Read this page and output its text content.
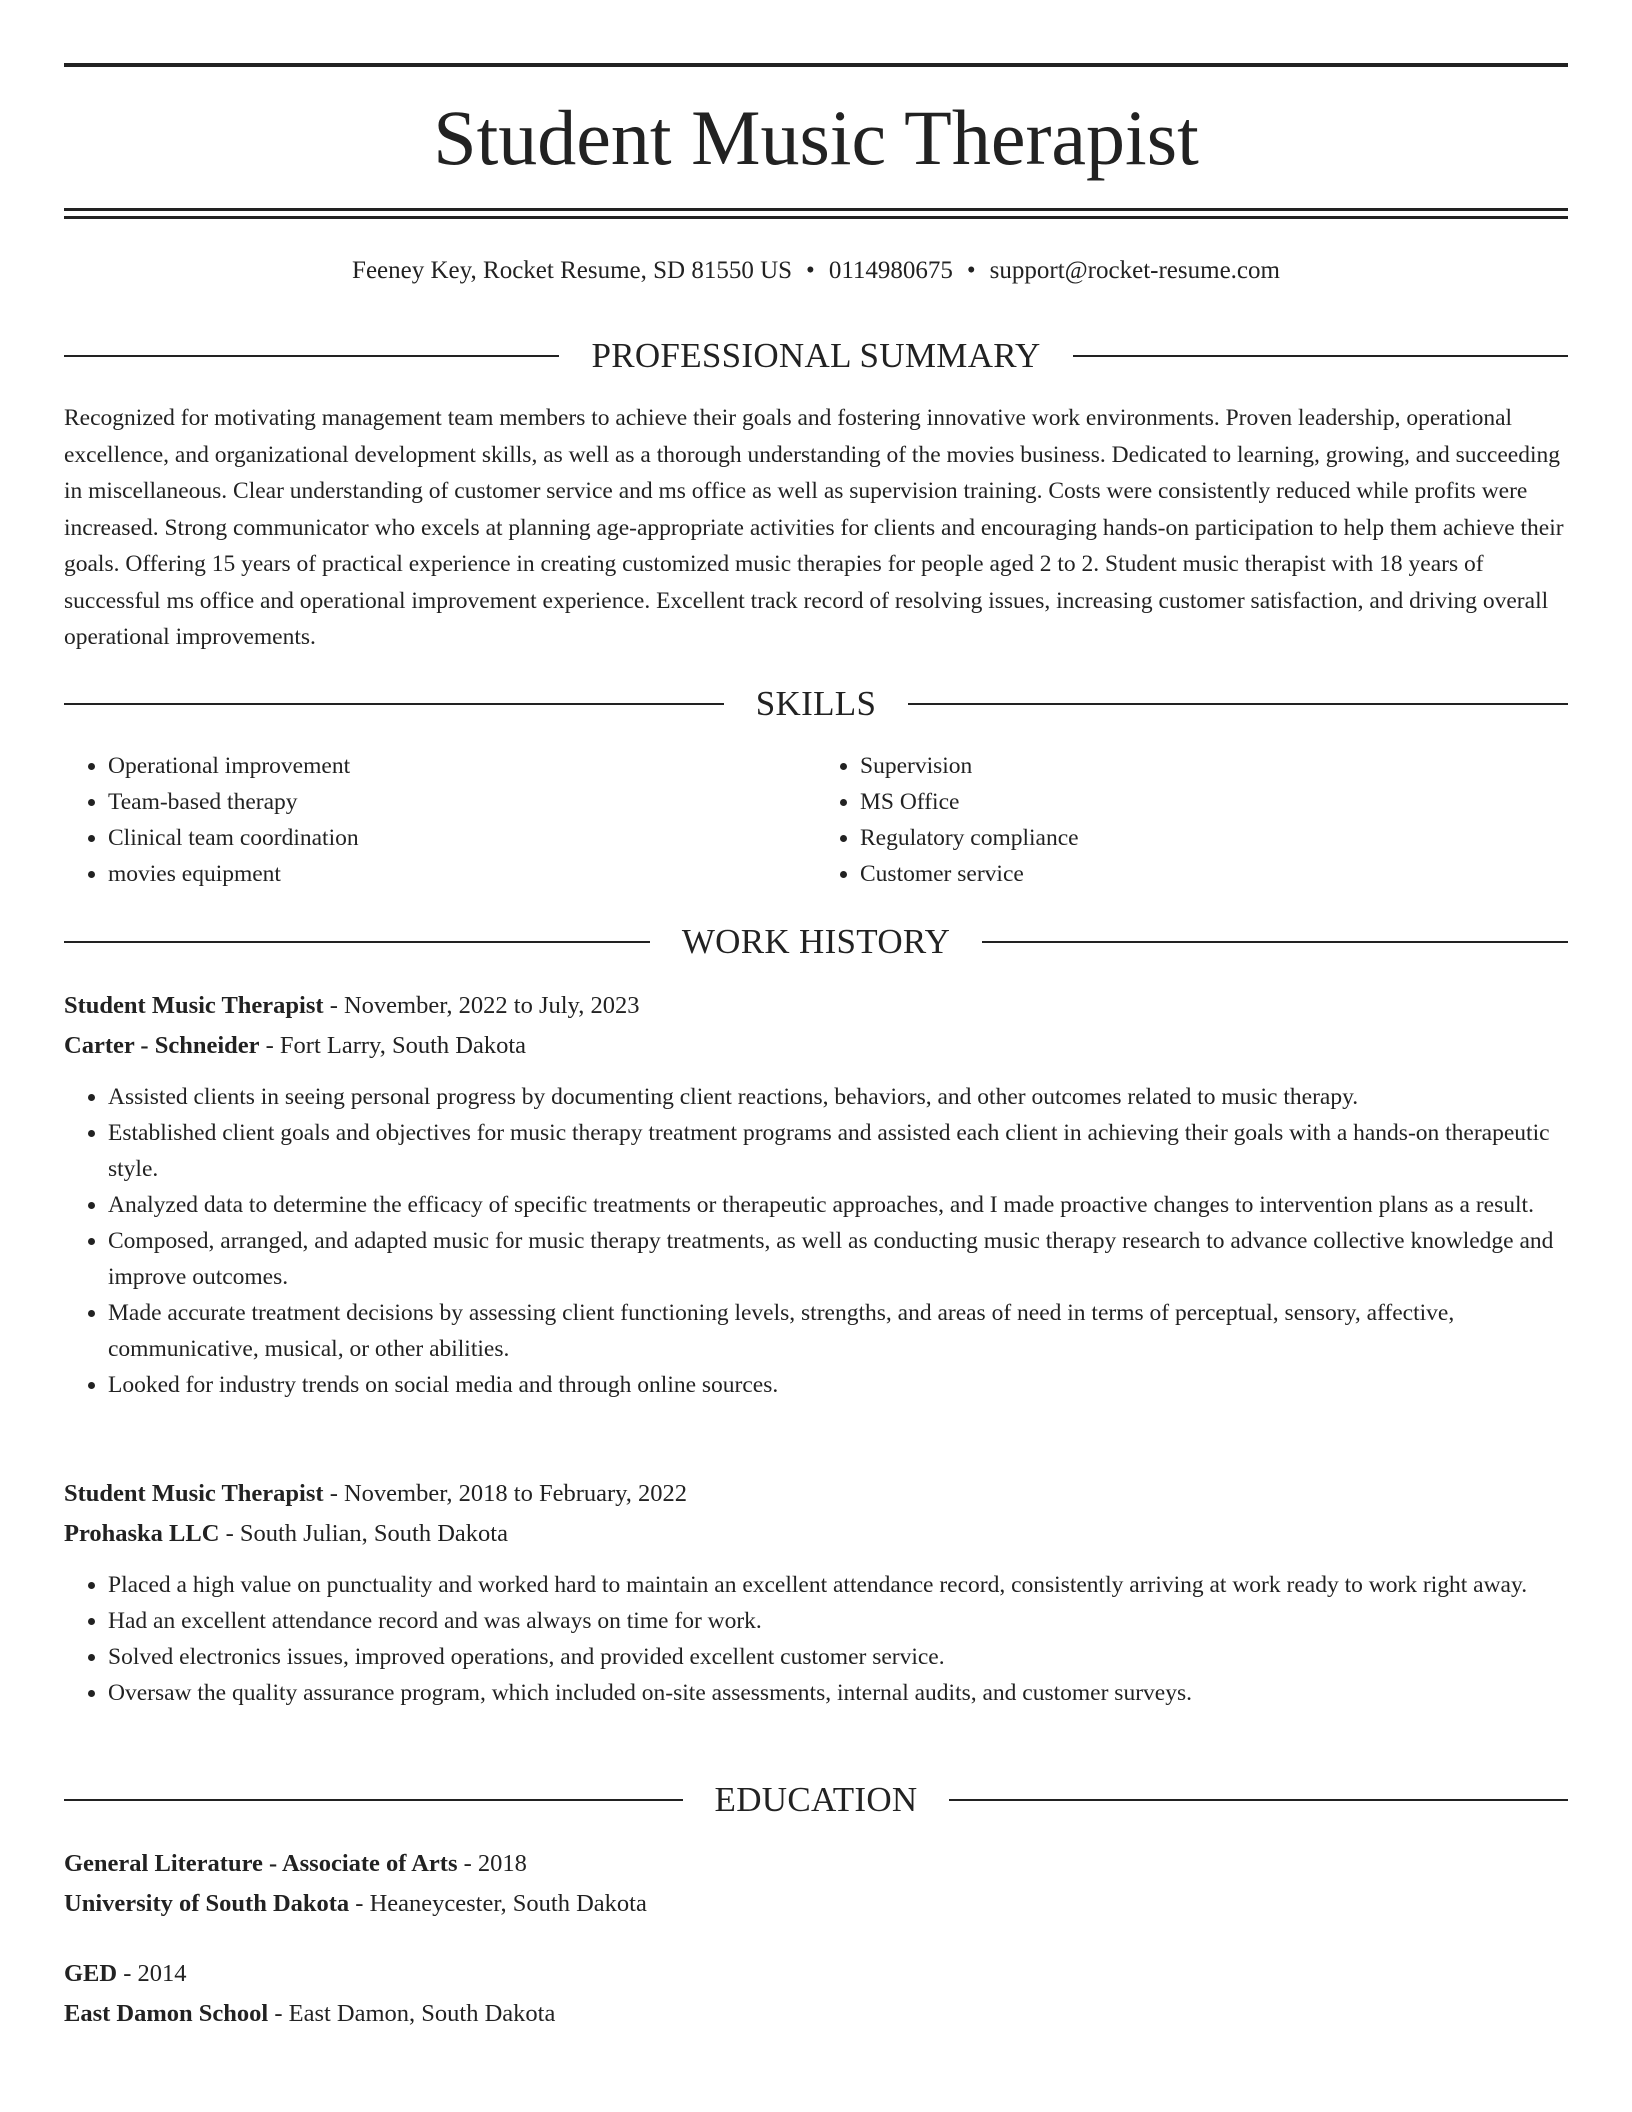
Student Music Therapist
Feeney Key, Rocket Resume, SD 81550 US • 0114980675 • support@rocket-resume.com
PROFESSIONAL SUMMARY

Recognized for motivating management team members to achieve their goals and fostering innovative work environments. Proven leadership, operational excellence, and organizational development skills, as well as a thorough understanding of the movies business. Dedicated to learning, growing, and succeeding in miscellaneous. Clear understanding of customer service and ms office as well as supervision training. Costs were consistently reduced while profits were increased. Strong communicator who excels at planning age-appropriate activities for clients and encouraging hands-on participation to help them achieve their goals. Offering 15 years of practical experience in creating customized music therapies for people aged 2 to 2. Student music therapist with 18 years of successful ms office and operational improvement experience. Excellent track record of resolving issues, increasing customer satisfaction, and driving overall operational improvements.

SKILLS
• Operational improvement
• Team-based therapy
• Clinical team coordination
• movies equipment
• Supervision
• MS Office
• Regulatory compliance
• Customer service
WORK HISTORY
Student Music Therapist - November, 2022 to July, 2023
Carter - Schneider - Fort Larry, South Dakota
• Assisted clients in seeing personal progress by documenting client reactions, behaviors, and other outcomes related to music therapy.
• Established client goals and objectives for music therapy treatment programs and assisted each client in achieving their goals with a hands-on therapeutic style.
• Analyzed data to determine the efficacy of specific treatments or therapeutic approaches, and I made proactive changes to intervention plans as a result.
• Composed, arranged, and adapted music for music therapy treatments, as well as conducting music therapy research to advance collective knowledge and improve outcomes.
• Made accurate treatment decisions by assessing client functioning levels, strengths, and areas of need in terms of perceptual, sensory, affective, communicative, musical, or other abilities.
• Looked for industry trends on social media and through online sources.
Student Music Therapist - November, 2018 to February, 2022
Prohaska LLC - South Julian, South Dakota
• Placed a high value on punctuality and worked hard to maintain an excellent attendance record, consistently arriving at work ready to work right away.
• Had an excellent attendance record and was always on time for work.
• Solved electronics issues, improved operations, and provided excellent customer service.
• Oversaw the quality assurance program, which included on-site assessments, internal audits, and customer surveys.
EDUCATION
General Literature - Associate of Arts - 2018
University of South Dakota - Heaneycester, South Dakota
GED - 2014
East Damon School - East Damon, South Dakota
